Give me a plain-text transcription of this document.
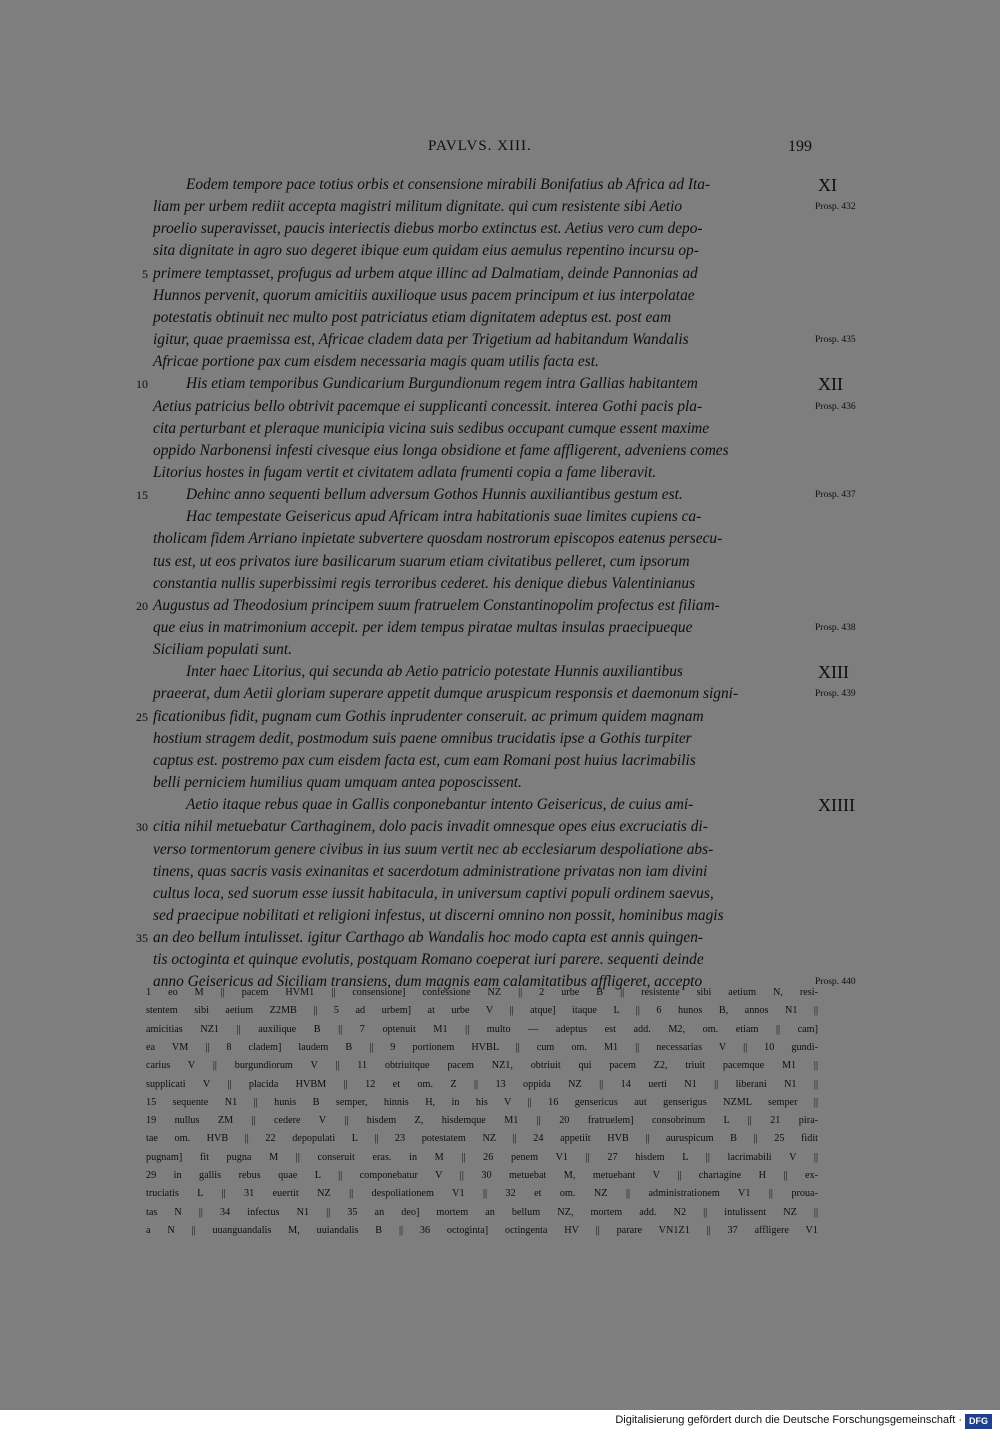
PAVLVS. XIII.	199
Eodem tempore pace totius orbis et consensione mirabili Bonifatius ab Africa ad Ita-	XI
liam per urbem rediit accepta magistri militum dignitate. qui cum resistente sibi Aetio	Prosp. 432
proelio superavisset, paucis interiectis diebus morbo extinctus est. Aetius vero cum depo-
sita dignitate in agro suo degeret ibique eum quidam eius aemulus repentino incursu op-
primere temptasset, profugus ad urbem atque illinc ad Dalmatiam, deinde Pannonias ad
5
Hunnos pervenit, quorum amicitiis auxilioque usus pacem principum et ius interpolatae
potestatis obtinuit nec multo post patriciatus etiam dignitatem adeptus est. post eam
igitur, quae praemissa est, Africae cladem data per Trigetium ad habitandum Wandalis	Prosp. 435
Africae portione pax cum eisdem necessaria magis quam utilis facta est.
His etiam temporibus Gundicarium Burgundionum regem intra Gallias habitantem
10	XII
Aetius patricius bello obtrivit pacemque ei supplicanti concessit. interea Gothi pacis pla-	Prosp. 436
cita perturbant et pleraque municipia vicina suis sedibus occupant cumque essent maxime
oppido Narbonensi infesti civesque eius longa obsidione et fame affligerent, adveniens comes
Litorius hostes in fugam vertit et civitatem adlata frumenti copia a fame liberavit.
Dehinc anno sequenti bellum adversum Gothos Hunnis auxiliantibus gestum est.
15	Prosp. 437
Hac tempestate Geisericus apud Africam intra habitationis suae limites cupiens ca-
tholicam fidem Arriano inpietate subvertere quosdam nostrorum episcopos eatenus persecu-
tus est, ut eos privatos iure basilicarum suarum etiam civitatibus pelleret, cum ipsorum
constantia nullis superbissimi regis terroribus cederet. his denique diebus Valentinianus
Augustus ad Theodosium principem suum fratruelem Constantinopolim profectus est filiam-
20
que eius in matrimonium accepit. per idem tempus piratae multas insulas praecipueque	Prosp. 438
Siciliam populati sunt.
Inter haec Litorius, qui secunda ab Aetio patricio potestate Hunnis auxiliantibus	XIII
praeerat, dum Aetii gloriam superare appetit dumque aruspicum responsis et daemonum signi-	Prosp. 439
ficationibus fidit, pugnam cum Gothis inprudenter conseruit. ac primum quidem magnam
25
hostium stragem dedit, postmodum suis paene omnibus trucidatis ipse a Gothis turpiter
captus est. postremo pax cum eisdem facta est, cum eam Romani post huius lacrimabilis
belli perniciem humilius quam umquam antea poposcissent.
Aetio itaque rebus quae in Gallis conponebantur intento Geisericus, de cuius ami-	XIIII
citia nihil metuebatur Carthaginem, dolo pacis invadit omnesque opes eius excruciatis di-
30
verso tormentorum genere civibus in ius suum vertit nec ab ecclesiarum despoliatione abs-
tinens, quas sacris vasis exinanitas et sacerdotum administratione privatas non iam divini
cultus loca, sed suorum esse iussit habitacula, in universum captivi populi ordinem saevus,
sed praecipue nobilitati et religioni infestus, ut discerni omnino non possit, hominibus magis
an deo bellum intulisset. igitur Carthago ab Wandalis hoc modo capta est annis quingen-
35
tis octoginta et quinque evolutis, postquam Romano coeperat iuri parere. sequenti deinde
anno Geisericus ad Siciliam transiens, dum magnis eam calamitatibus affligeret, accepto	Prosp. 440
1 eo M || pacem HVM1 || consensione] confessione NZ || 2 urbe B || resistente sibi aetium N, resi-
stentem sibi aetium Z2MB || 5 ad urbem] at urbe V || atque] itaque L || 6 hunos B, annos N1 ||
amicitias NZ1 || auxilique B || 7 optenuit M1 || multo — adeptus est add. M2, om. etiam || cam]
ea VM || 8 cladem] laudem B || 9 portionem HVBL || cum om. M1 || necessarias V || 10 gundi-
carius V || burgundiorum V || 11 obtriuitque pacem NZ1, obtriuit qui pacem Z2, triuit pacemque M1 ||
supplicati V || placida HVBM || 12 et om. Z || 13 oppida NZ || 14 uerti N1 || liberani N1 ||
15 sequente N1 || hunis B semper, hinnis H, in his V || 16 gensericus aut genserigus NZML semper ||
19 nullus ZM || cedere V || hisdem Z, hisdemque M1 || 20 fratruelem] consobrinum L || 21 pira-
tae om. HVB || 22 depopulati L || 23 potestatem NZ || 24 appetiit HVB || auruspicum B || 25 fidit
pugnam] fit pugna M || conseruit eras. in M || 26 penem V1 || 27 hisdem L || lacrimabili V ||
29 in gallis rebus quae L || componebatur V || 30 metuebat M, metuebant V || chartagine H || ex-
truciatis L || 31 euertit NZ || despoliationem V1 || 32 et om. NZ || administrationem V1 || proua-
tas N || 34 infectus N1 || 35 an deo] mortem an bellum NZ, mortem add. N2 || intulissent NZ ||
a N || uuanguandalis M, uuiandalis B || 36 octoginta] octingenta HV || parare VN1Z1 || 37 affligere V1
Digitalisierung gefördert durch die Deutsche Forschungsgemeinschaft · DFG
